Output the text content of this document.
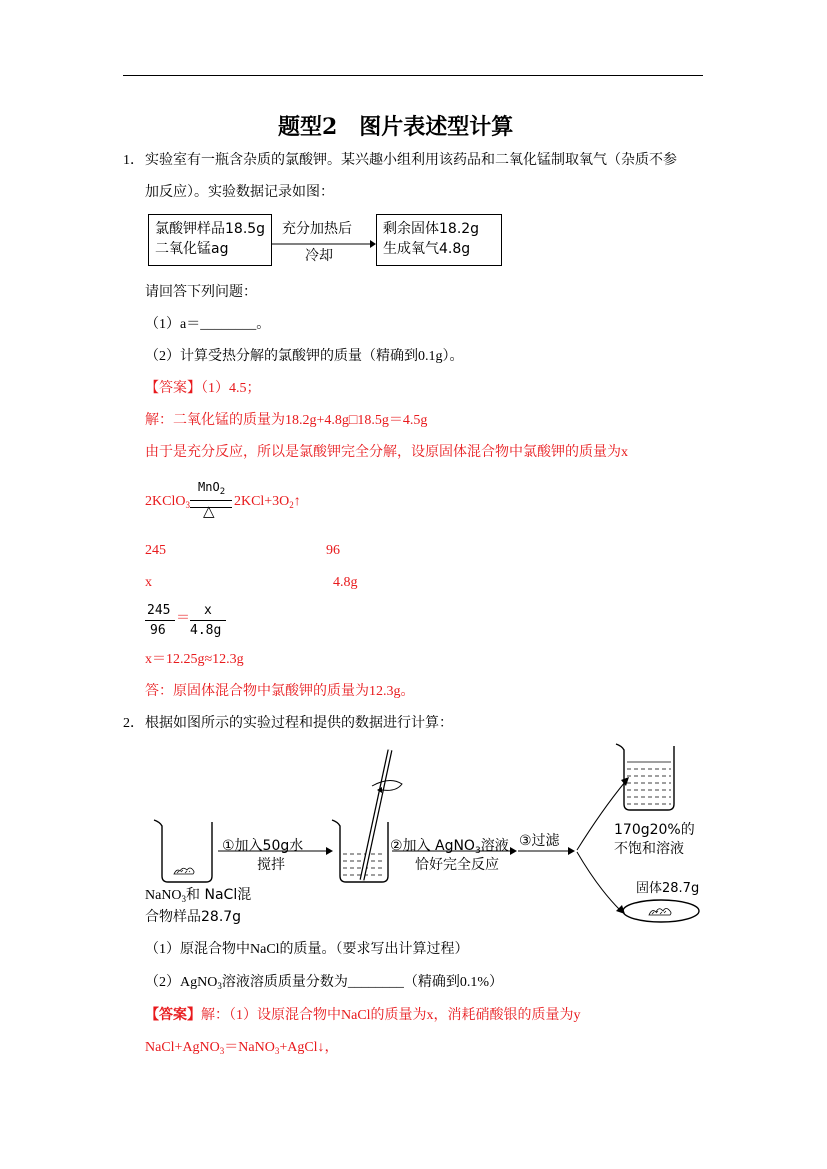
题型2　图片表述型计算
1． 实验室有一瓶含杂质的氯酸钾。某兴趣小组利用该药品和二氧化锰制取氧气（杂质不参
加反应）。实验数据记录如图：
氯酸钾样品18.5g
二氧化锰ag
充分加热后
冷却
剩余固体18.2g
生成氧气4.8g
请回答下列问题：
（1）a＝________。
（2）计算受热分解的氯酸钾的质量（精确到0.1g）。
【答案】（1）4.5；
解：二氧化锰的质量为18.2g+4.8g□18.5g＝4.5g
由于是充分反应，所以是氯酸钾完全分解，设原固体混合物中氯酸钾的质量为x
MnO$_2$
2KClO$_3$	$2KCl+3O_2↑$
△
245	96
x	4.8g
245
96
＝
x
4.8g
x＝12.25g≈12.3g
答：原固体混合物中氯酸钾的质量为12.3g。
2． 根据如图所示的实验过程和提供的数据进行计算：
①加入50g水
搅拌
②加入 AgNO$_3$溶液
恰好完全反应
③过滤
170g20%的
不饱和溶液
固体28.7g
NaNO$_3$和 NaCl混
合物样品28.7g
（1）原混合物中NaCl的质量。（要求写出计算过程）
（2）AgNO$_3$溶液溶质质量分数为________（精确到0.1%）
【答案】解：（1）设原混合物中NaCl的质量为x，消耗硝酸银的质量为y
NaCl+AgNO$_3$＝NaNO$_3$+AgCl↓，
